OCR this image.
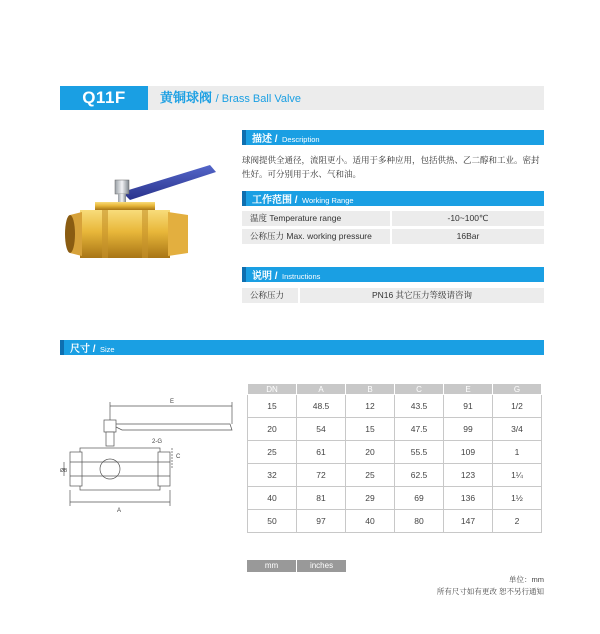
Q11F	黄铜球阀 / Brass Ball Valve
描述 / Description
球阀提供全通径，流阻更小。适用于多种应用，包括供热、乙二醇和工业。密封性好。可分别用于水、气和油。
工作范围 / Working Range
温度 Temperature range	-10~100℃
公称压力 Max. working pressure	16Bar
说明 / Instructions
公称压力	PN16 其它压力等级请咨询
尺寸 / Size
E
C
2-G
ØB
A
DN	A	B	C	E	G
15	48.5	12	43.5	91	1/2
20	54	15	47.5	99	3/4
25	61	20	55.5	109	1
32	72	25	62.5	123	1¼
40	81	29	69	136	1½
50	97	40	80	147	2
mm	inches
单位：mm
所有尺寸如有更改 恕不另行通知
